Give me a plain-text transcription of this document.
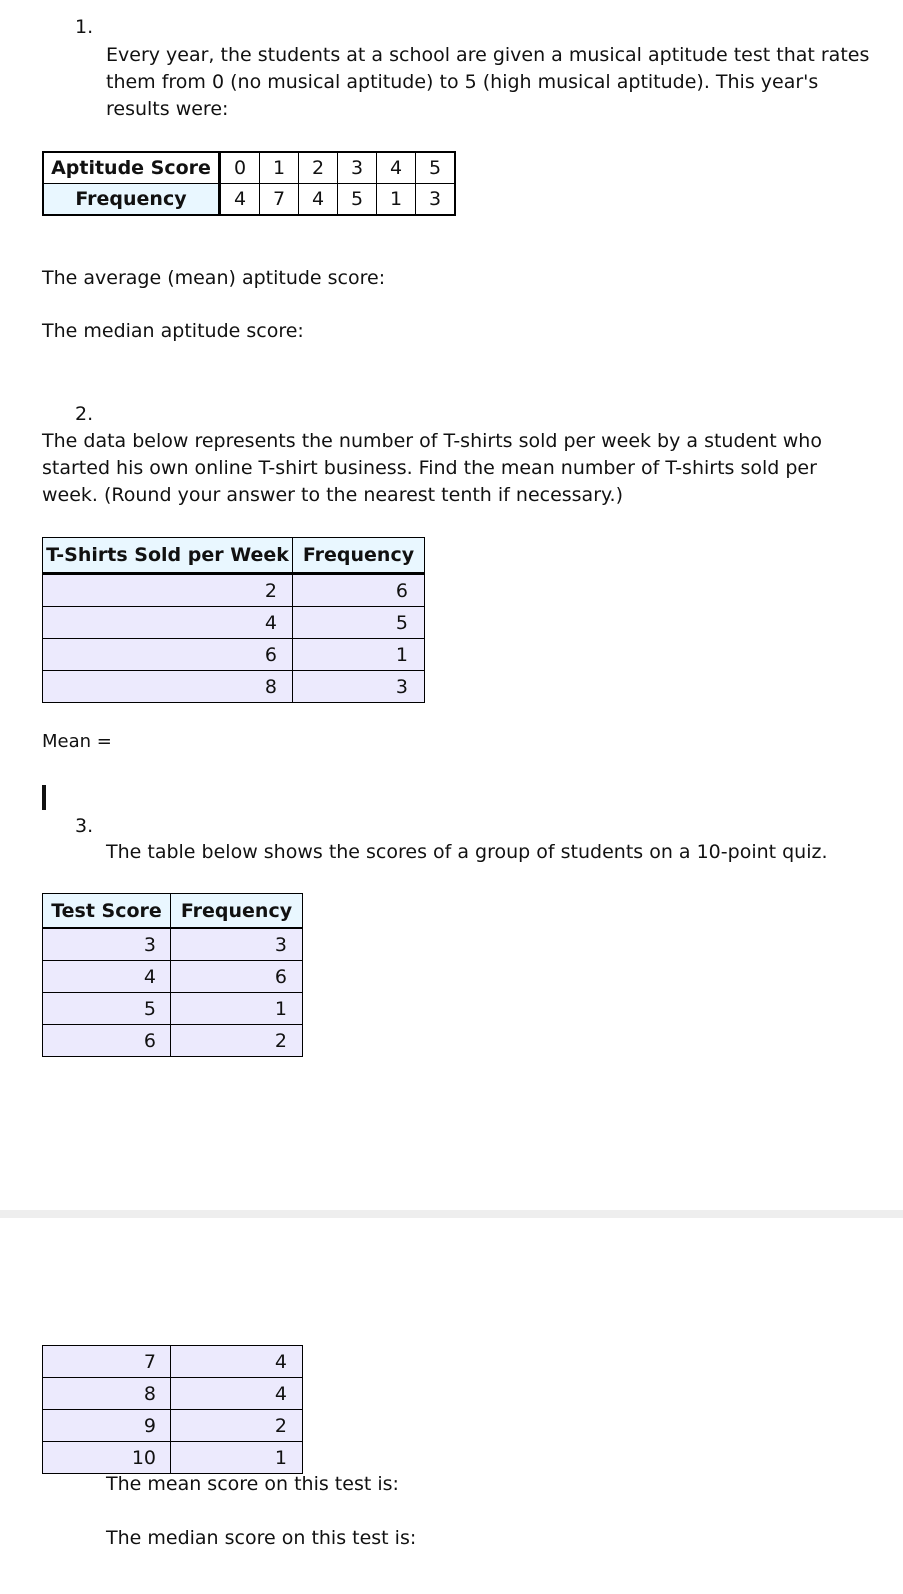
1.
Every year, the students at a school are given a musical aptitude test that rates them from 0 (no musical aptitude) to 5 (high musical aptitude). This year's results were:
Aptitude Score	0	1	2	3	4	5
Frequency	4	7	4	5	1	3
The average (mean) aptitude score:
The median aptitude score:
2.
The data below represents the number of T-shirts sold per week by a student who started his own online T-shirt business. Find the mean number of T-shirts sold per week. (Round your answer to the nearest tenth if necessary.)
T-Shirts Sold per Week	Frequency
2	6
4	5
6	1
8	3
Mean =
3.
The table below shows the scores of a group of students on a 10-point quiz.
Test Score	Frequency
3	3
4	6
5	1
6	2
7	4
8	4
9	2
10	1
The mean score on this test is:
The median score on this test is:
